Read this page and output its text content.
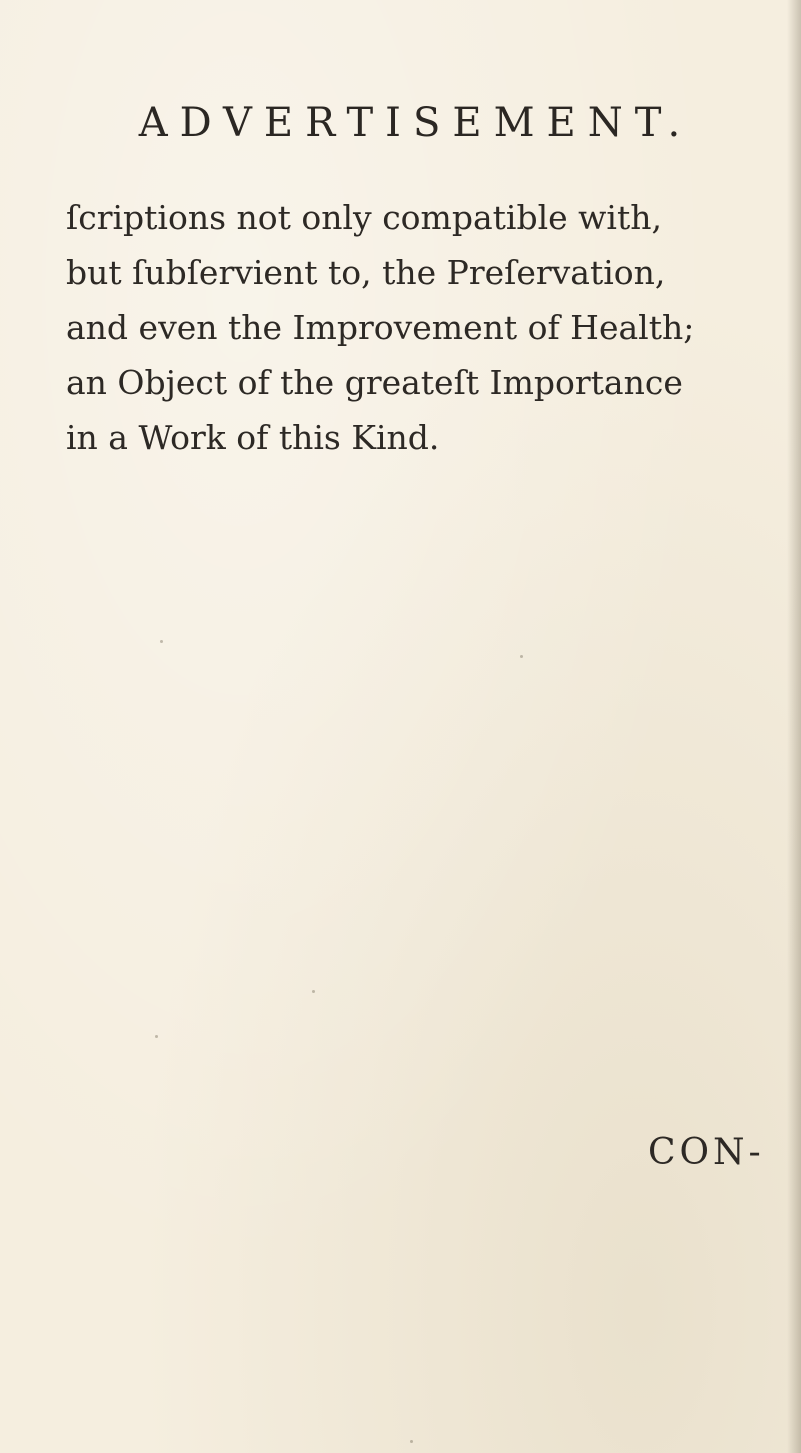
ADVERTISEMENT.
ſcriptions not only compatible with,
but ſubſervient to, the Preſervation,
and even the Improvement of Health;
an Object of the greateſt Importance
in a Work of this Kind.
CON-
